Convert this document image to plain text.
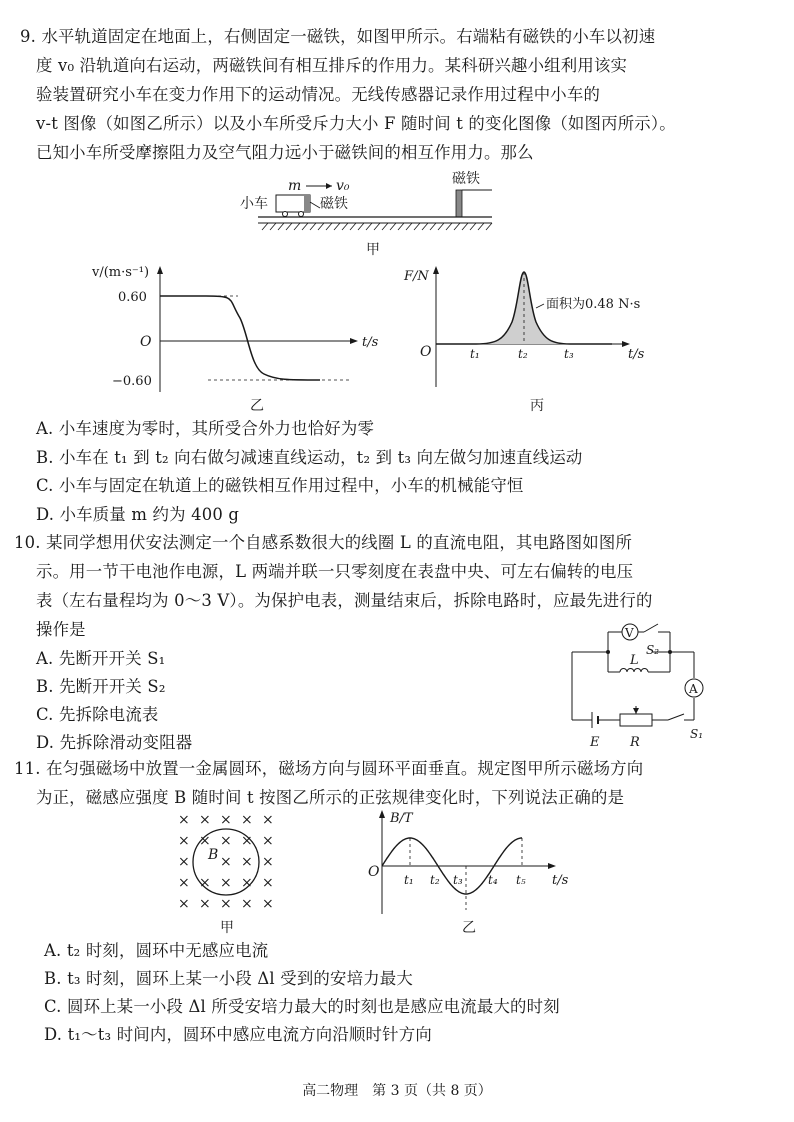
9. 水平轨道固定在地面上，右侧固定一磁铁，如图甲所示。右端粘有磁铁的小车以初速
度 v₀ 沿轨道向右运动，两磁铁间有相互排斥的作用力。某科研兴趣小组利用该实
验装置研究小车在变力作用下的运动情况。无线传感器记录作用过程中小车的
v-t 图像（如图乙所示）以及小车所受斥力大小 F 随时间 t 的变化图像（如图丙所示）。
已知小车所受摩擦阻力及空气阻力远小于磁铁间的相互作用力。那么
m v₀
小车	磁铁
磁铁
甲
v/(m·s⁻¹)
t/s
O
0.60
−0.60
乙
F/N
t/s
O	t₁	t₂	t₃
面积为0.48 N·s
丙
A. 小车速度为零时，其所受合外力也恰好为零
B. 小车在 t₁ 到 t₂ 向右做匀减速直线运动，t₂ 到 t₃ 向左做匀加速直线运动
C. 小车与固定在轨道上的磁铁相互作用过程中，小车的机械能守恒
D. 小车质量 m 约为 400 g
10. 某同学想用伏安法测定一个自感系数很大的线圈 L 的直流电阻，其电路图如图所
示。用一节干电池作电源，L 两端并联一只零刻度在表盘中央、可左右偏转的电压
表（左右量程均为 0～3 V）。为保护电表，测量结束后，拆除电路时，应最先进行的
操作是
A. 先断开开关 S₁
B. 先断开开关 S₂
C. 先拆除电流表
D. 先拆除滑动变阻器
V
L
S₂
A
E R
S₁
11. 在匀强磁场中放置一金属圆环，磁场方向与圆环平面垂直。规定图甲所示磁场方向
为正，磁感应强度 B 随时间 t 按图乙所示的正弦规律变化时，下列说法正确的是
× × × × ×
× × × × ×
× × × ×
× × × × ×
× × × × ×
B
甲
B/T
t/s
O t₁ t₂ t₃ t₄ t₅
乙
A. t₂ 时刻，圆环中无感应电流
B. t₃ 时刻，圆环上某一小段 Δl 受到的安培力最大
C. 圆环上某一小段 Δl 所受安培力最大的时刻也是感应电流最大的时刻
D. t₁～t₃ 时间内，圆环中感应电流方向沿顺时针方向
高二物理　第 3 页（共 8 页）
